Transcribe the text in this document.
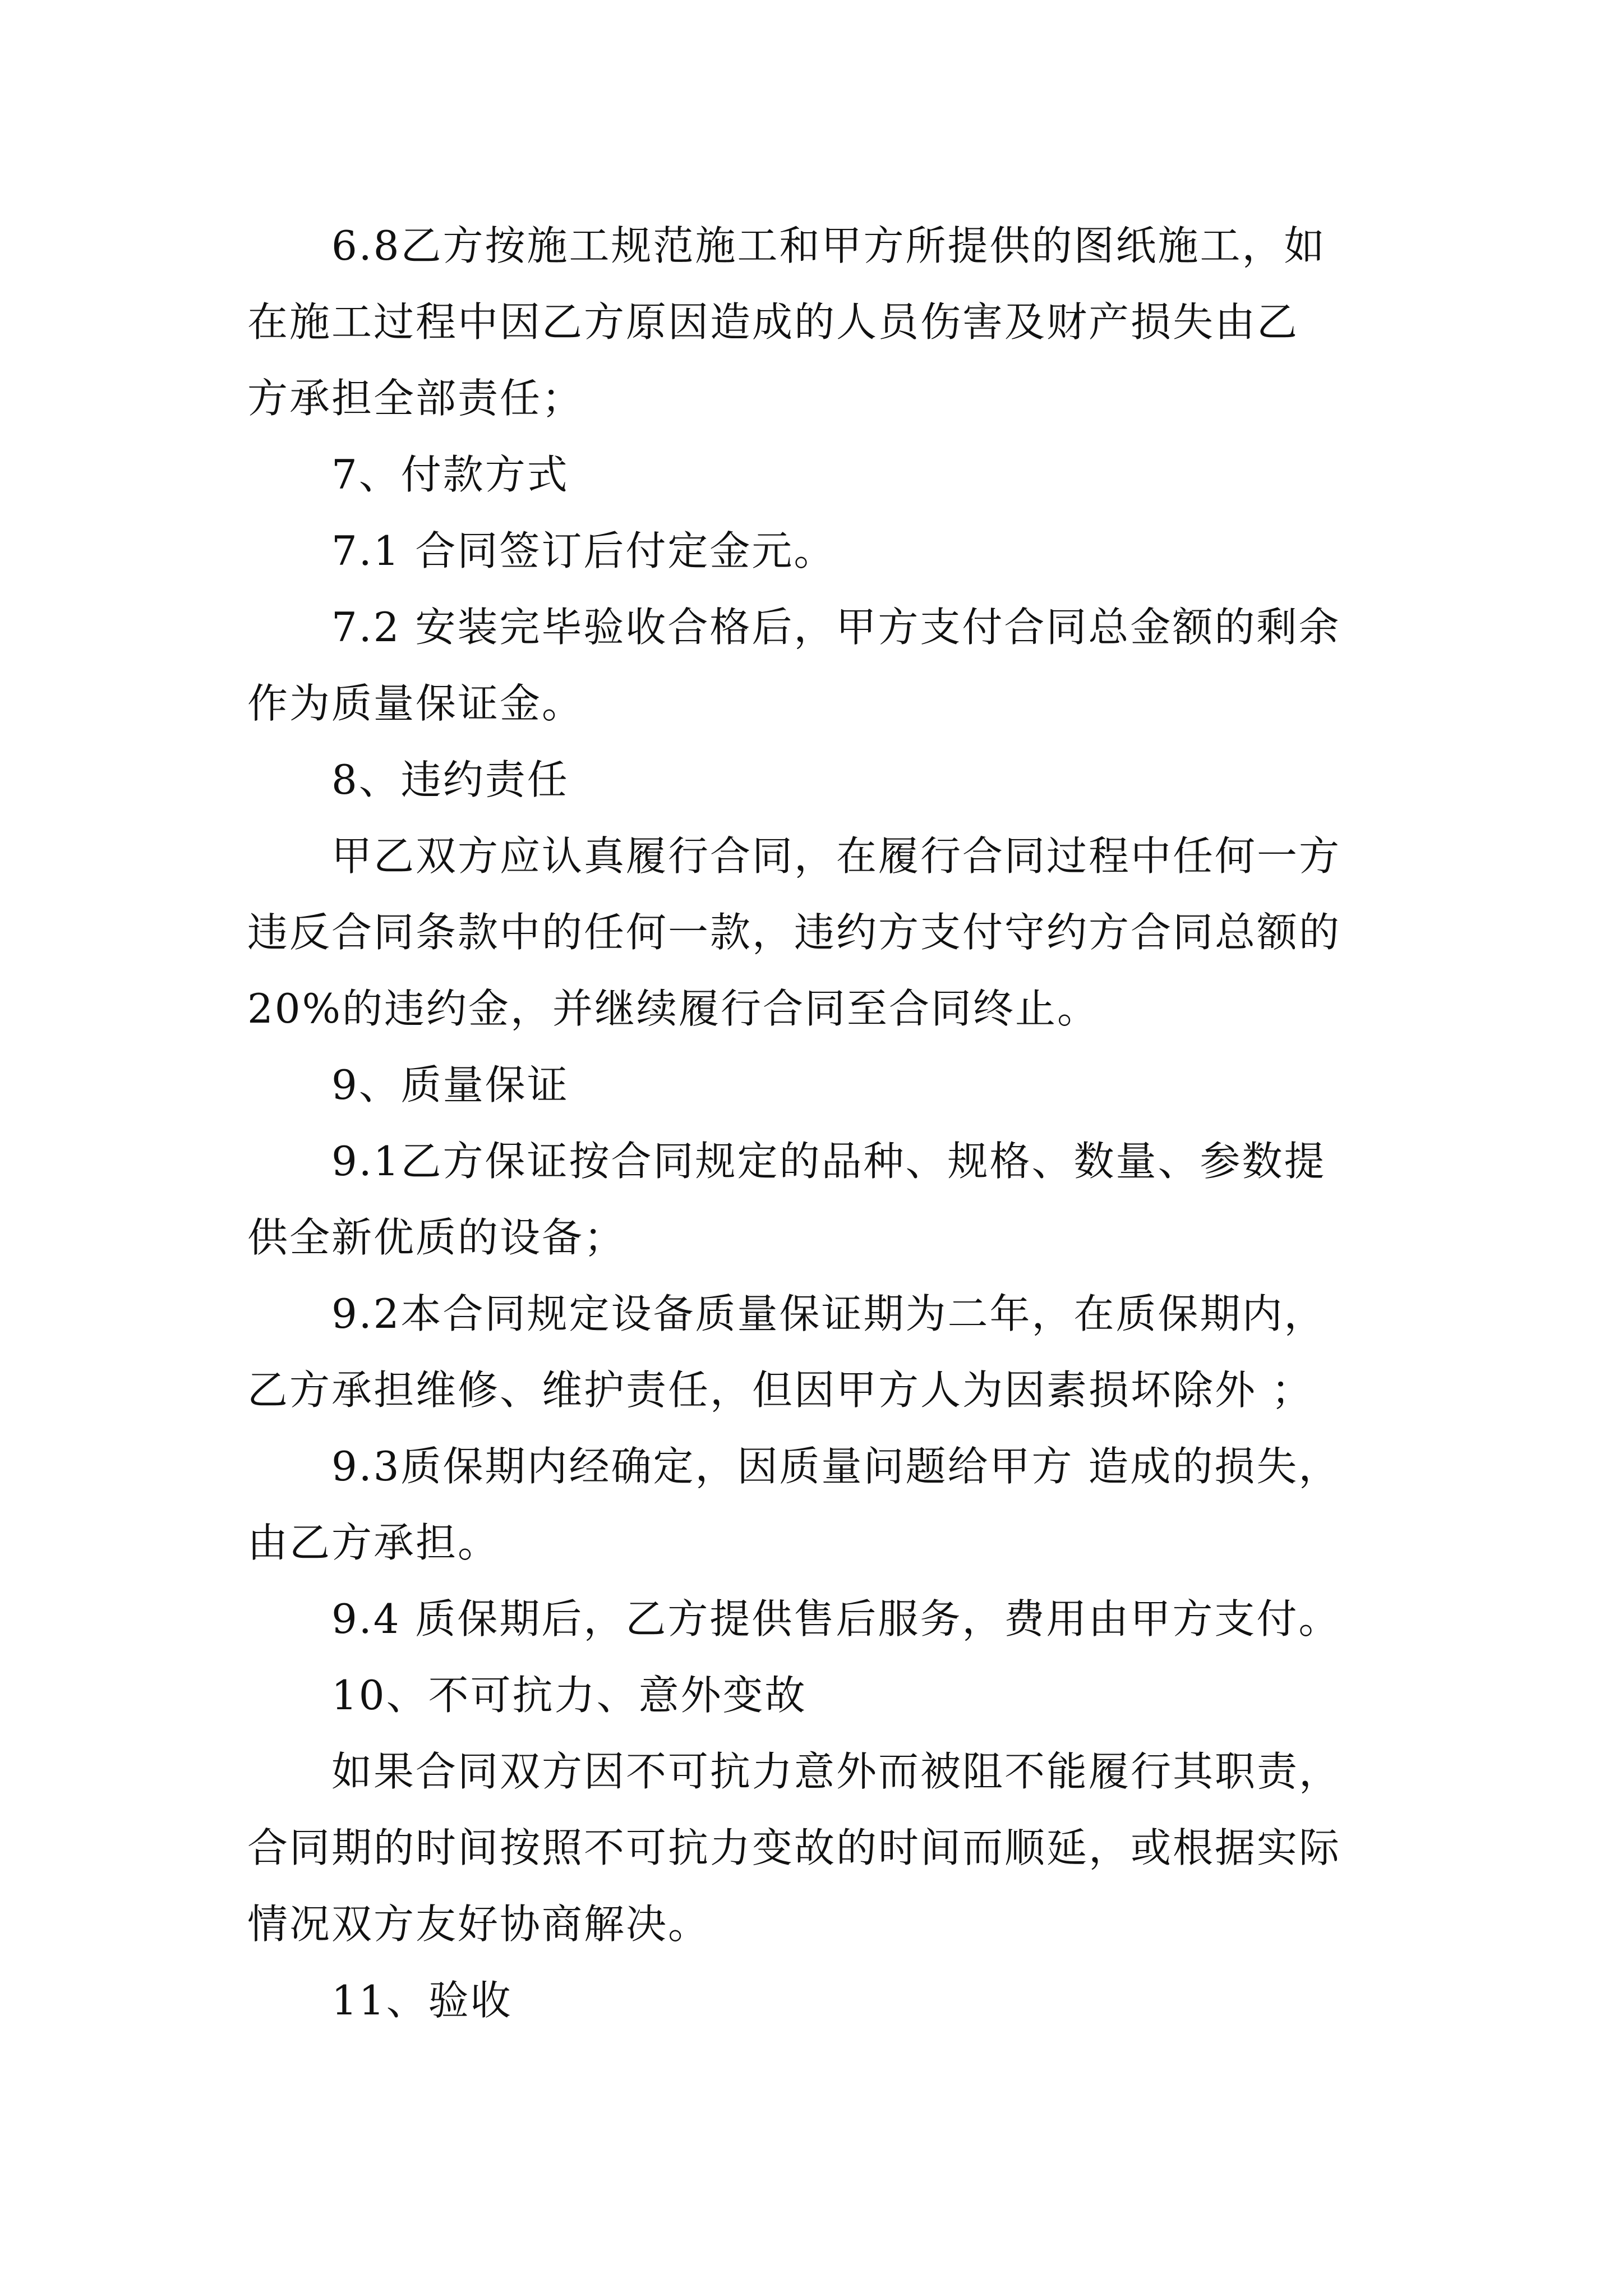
6.8乙方按施工规范施工和甲方所提供的图纸施工，如
在施工过程中因乙方原因造成的人员伤害及财产损失由乙
方承担全部责任；
7、付款方式
7.1 合同签订后付定金元。
7.2 安装完毕验收合格后，甲方支付合同总金额的剩余
作为质量保证金。
8、违约责任
甲乙双方应认真履行合同，在履行合同过程中任何一方
违反合同条款中的任何一款，违约方支付守约方合同总额的
20%的违约金，并继续履行合同至合同终止。
9、质量保证
9.1乙方保证按合同规定的品种、规格、数量、参数提
供全新优质的设备；
9.2本合同规定设备质量保证期为二年，在质保期内，
乙方承担维修、维护责任，但因甲方人为因素损坏除外 ；
9.3质保期内经确定，因质量问题给甲方 造成的损失，
由乙方承担。
9.4 质保期后，乙方提供售后服务，费用由甲方支付。
10、不可抗力、意外变故
如果合同双方因不可抗力意外而被阻不能履行其职责，
合同期的时间按照不可抗力变故的时间而顺延，或根据实际
情况双方友好协商解决。
11、验收
